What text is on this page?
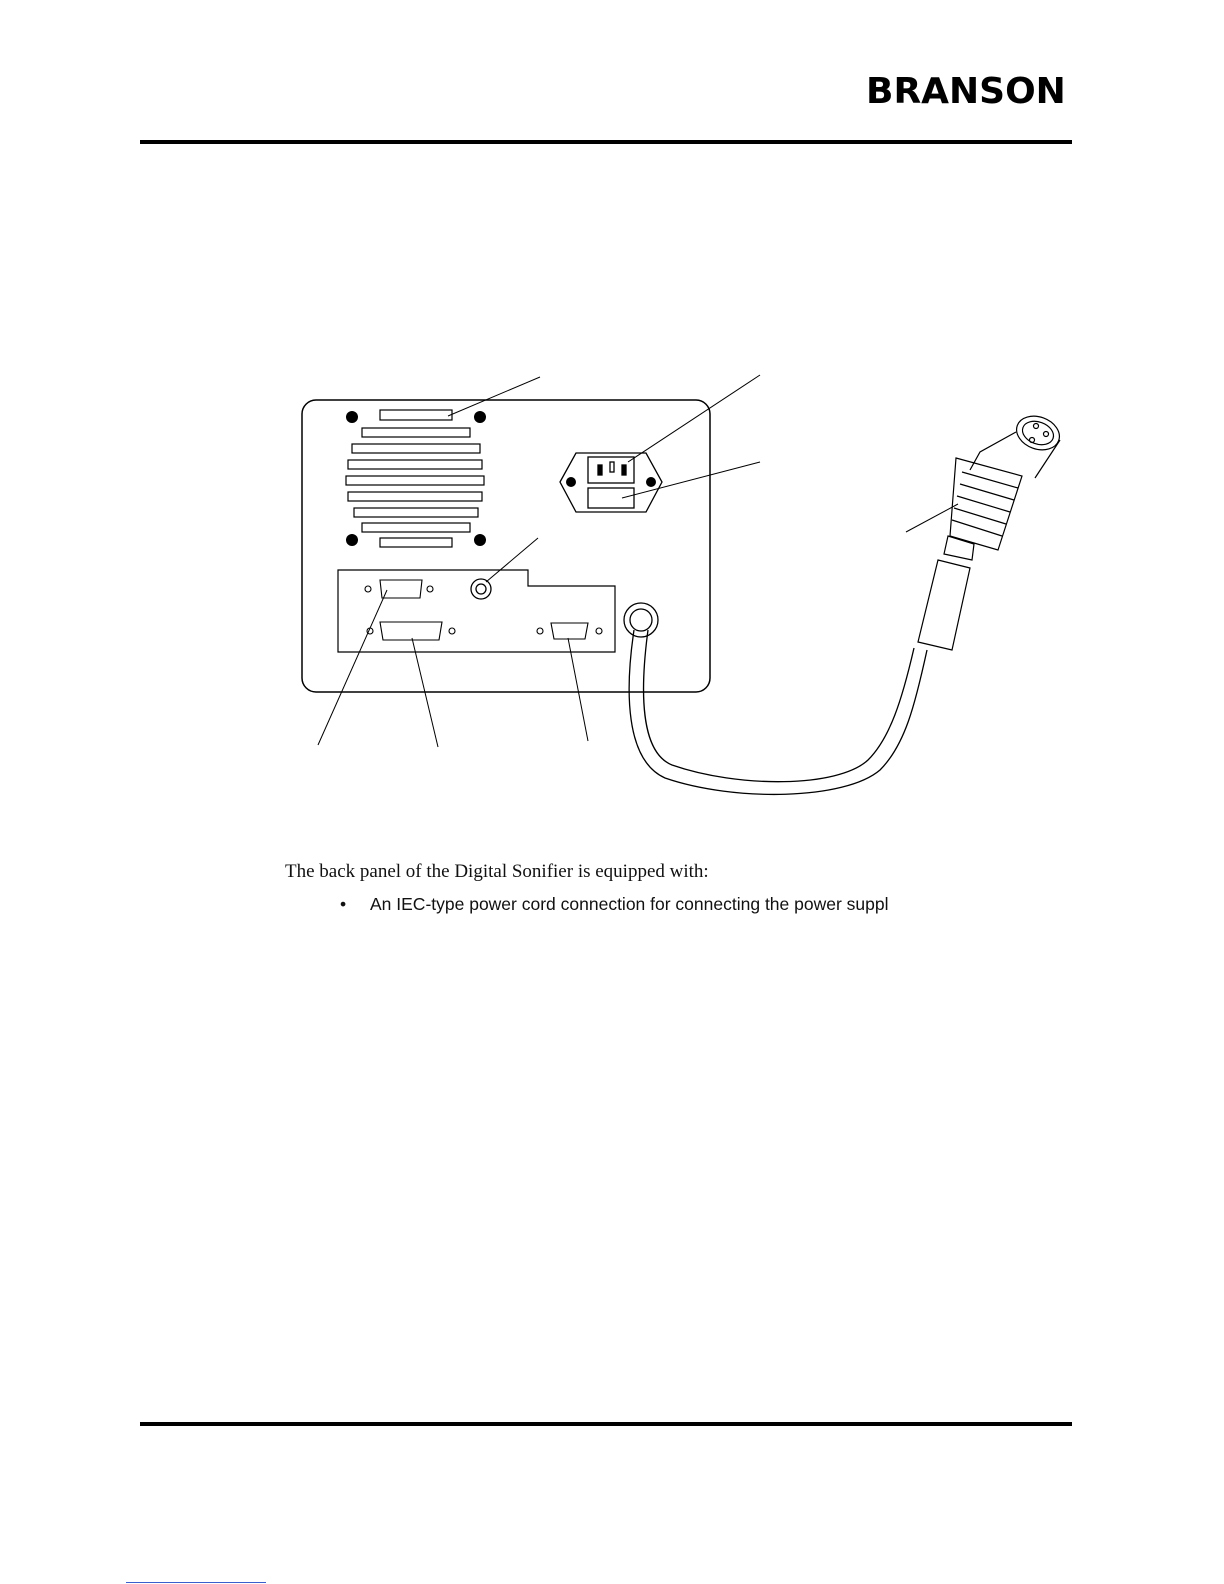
BRANSON
The back panel of the Digital Sonifier is equipped with:
• An IEC-type power cord connection for connecting the power suppl
